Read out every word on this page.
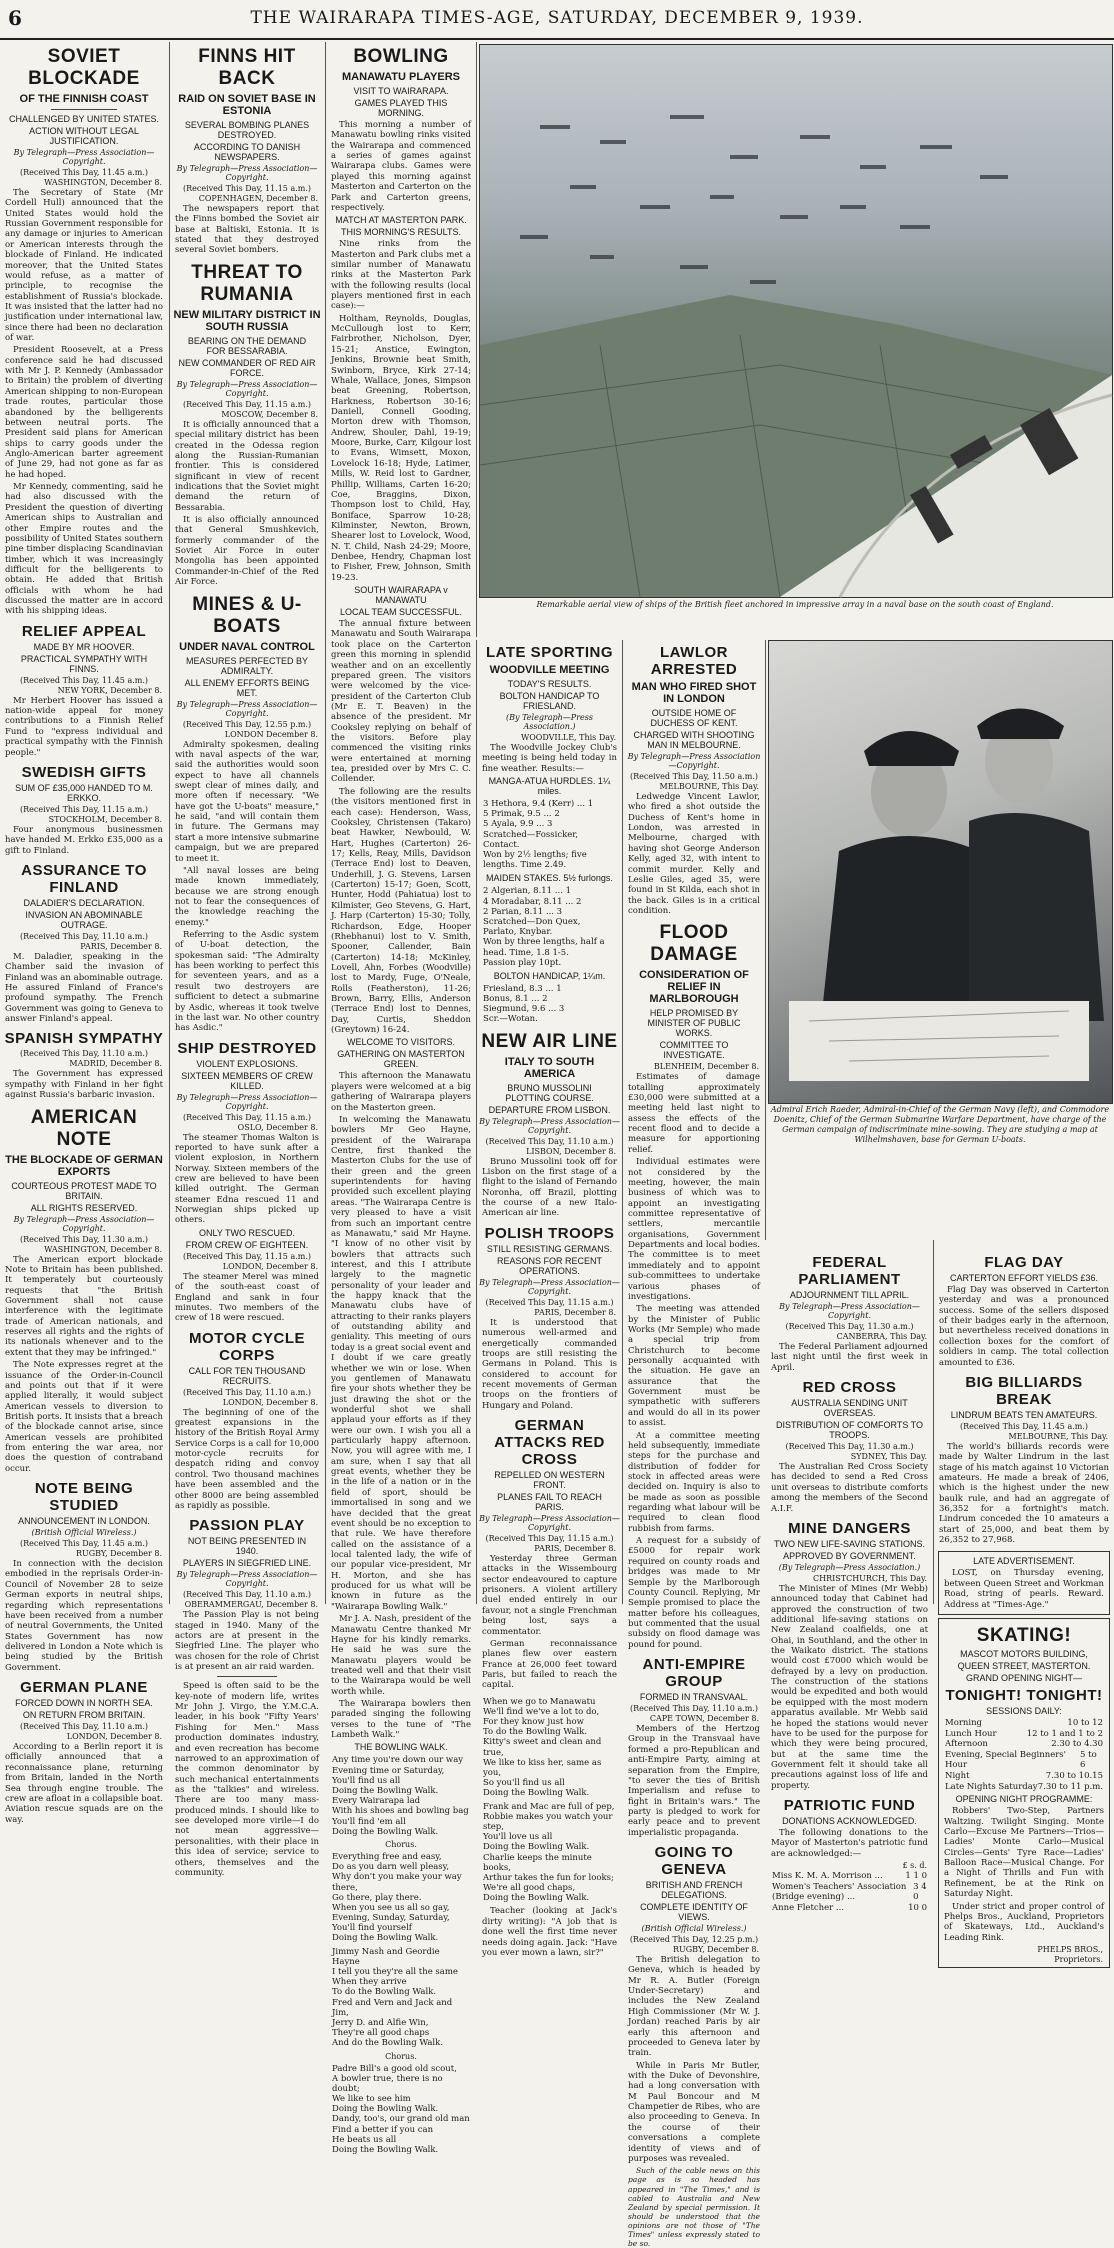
6	THE WAIRARAPA TIMES-AGE, SATURDAY, DECEMBER 9, 1939.
SOVIET BLOCKADE
OF THE FINNISH COAST
CHALLENGED BY UNITED STATES.
ACTION WITHOUT LEGAL JUSTIFICATION.
By Telegraph—Press Association—Copyright.
(Received This Day, 11.45 a.m.)
WASHINGTON, December 8.

The Secretary of State (Mr Cordell Hull) announced that the United States would hold the Russian Government responsible for any damage or injuries to American or American interests through the blockade of Finland. He indicated moreover, that the United States would refuse, as a matter of principle, to recognise the establishment of Russia's blockade. It was insisted that the latter had no justification under international law, since there had been no declaration of war.

President Roosevelt, at a Press conference said he had discussed with Mr J. P. Kennedy (Ambassador to Britain) the problem of diverting American shipping to non-European trade routes, particular those abandoned by the belligerents between neutral ports. The President said plans for American ships to carry goods under the Anglo-American barter agreement of June 29, had not gone as far as he had hoped.

Mr Kennedy, commenting, said he had also discussed with the President the question of diverting American ships to Australian and other Empire routes and the possibility of United States southern pine timber displacing Scandinavian timber, which it was increasingly difficult for the belligerents to obtain. He added that British officials with whom he had discussed the matter are in accord with his shipping ideas.

RELIEF APPEAL
MADE BY MR HOOVER.
PRACTICAL SYMPATHY WITH FINNS.
(Received This Day, 11.45 a.m.)
NEW YORK, December 8.

Mr Herbert Hoover has issued a nation-wide appeal for money contributions to a Finnish Relief Fund to "express individual and practical sympathy with the Finnish people."

SWEDISH GIFTS
SUM OF £35,000 HANDED TO M. ERKKO.
(Received This Day, 11.15 a.m.)
STOCKHOLM, December 8.

Four anonymous businessmen have handed M. Erkko £35,000 as a gift to Finland.

ASSURANCE TO FINLAND
DALADIER'S DECLARATION.
INVASION AN ABOMINABLE OUTRAGE.
(Received This Day, 11.10 a.m.)
PARIS, December 8.

M. Daladier, speaking in the Chamber said the invasion of Finland was an abominable outrage. He assured Finland of France's profound sympathy. The French Government was going to Geneva to answer Finland's appeal.

SPANISH SYMPATHY
(Received This Day, 11.10 a.m.)
MADRID, December 8.

The Government has expressed sympathy with Finland in her fight against Russia's barbaric invasion.

AMERICAN NOTE
THE BLOCKADE OF GERMAN EXPORTS
COURTEOUS PROTEST MADE TO BRITAIN.
ALL RIGHTS RESERVED.
By Telegraph—Press Association—Copyright.
(Received This Day, 11.30 a.m.)
WASHINGTON, December 8.

The American export blockade Note to Britain has been published. It temperately but courteously requests that "the British Government shall not cause interference with the legitimate trade of American nationals, and reserves all rights and the rights of its nationals whenever and to the extent that they may be infringed."

The Note expresses regret at the issuance of the Order-in-Council and points out that if it were applied literally, it would subject American vessels to diversion to British ports. It insists that a breach of the blockade cannot arise, since American vessels are prohibited from entering the war area, nor does the question of contraband occur.

NOTE BEING STUDIED
ANNOUNCEMENT IN LONDON.
(British Official Wireless.)
(Received This Day, 11.45 a.m.)
RUGBY, December 8.

In connection with the decision embodied in the reprisals Order-in-Council of November 28 to seize German exports in neutral ships, regarding which representations have been received from a number of neutral Governments, the United States Government has now delivered in London a Note which is being studied by the British Government.

GERMAN PLANE
FORCED DOWN IN NORTH SEA.
ON RETURN FROM BRITAIN.
(Received This Day, 11.10 a.m.)
LONDON, December 8.

According to a Berlin report it is officially announced that a reconnaissance plane, returning from Britain, landed in the North Sea through engine trouble. The crew are afloat in a collapsible boat. Aviation rescue squads are on the way.

FINNS HIT BACK
RAID ON SOVIET BASE IN ESTONIA
SEVERAL BOMBING PLANES DESTROYED.
ACCORDING TO DANISH NEWSPAPERS.
By Telegraph—Press Association—Copyright.
(Received This Day, 11.15 a.m.)
COPENHAGEN, December 8.

The newspapers report that the Finns bombed the Soviet air base at Baltiski, Estonia. It is stated that they destroyed several Soviet bombers.

THREAT TO RUMANIA
NEW MILITARY DISTRICT IN SOUTH RUSSIA
BEARING ON THE DEMAND FOR BESSARABIA.
NEW COMMANDER OF RED AIR FORCE.
By Telegraph—Press Association—Copyright.
(Received This Day, 11.15 a.m.)
MOSCOW, December 8.

It is officially announced that a special military district has been created in the Odessa region along the Russian-Rumanian frontier. This is considered significant in view of recent indications that the Soviet might demand the return of Bessarabia.

It is also officially announced that General Smushkevich, formerly commander of the Soviet Air Force in outer Mongolia has been appointed Commander-in-Chief of the Red Air Force.

MINES & U-BOATS
UNDER NAVAL CONTROL
MEASURES PERFECTED BY ADMIRALTY.
ALL ENEMY EFFORTS BEING MET.
By Telegraph—Press Association—Copyright.
(Received This Day, 12.55 p.m.)
LONDON December 8.

Admiralty spokesmen, dealing with naval aspects of the war, said the authorities would soon expect to have all channels swept clear of mines daily, and more often if necessary. "We have got the U-boats" measure," he said, "and will contain them in future. The Germans may start a more intensive submarine campaign, but we are prepared to meet it.

"All naval losses are being made known immediately, because we are strong enough not to fear the consequences of the knowledge reaching the enemy."

Referring to the Asdic system of U-boat detection, the spokesman said: "The Admiralty has been working to perfect this for seventeen years, and as a result two destroyers are sufficient to detect a submarine by Asdic, whereas it took twelve in the last war. No other country has Asdic."

SHIP DESTROYED
VIOLENT EXPLOSIONS.
SIXTEEN MEMBERS OF CREW KILLED.
By Telegraph—Press Association—Copyright.
(Received This Day, 11.15 a.m.)
OSLO, December 8.

The steamer Thomas Walton is reported to have sunk after a violent explosion, in Northern Norway. Sixteen members of the crew are believed to have been killed outright. The German steamer Edna rescued 11 and Norwegian ships picked up others.

ONLY TWO RESCUED.
FROM CREW OF EIGHTEEN.
(Received This Day, 11.15 a.m.)
LONDON, December 8.

The steamer Merel was mined of the south-east coast of England and sank in four minutes. Two members of the crew of 18 were rescued.

MOTOR CYCLE CORPS
CALL FOR TEN THOUSAND RECRUITS.
(Received This Day, 11.10 a.m.)
LONDON, December 8.

The beginning of one of the greatest expansions in the history of the British Royal Army Service Corps is a call for 10,000 motor-cycle recruits for despatch riding and convoy control. Two thousand machines have been assembled and the other 8000 are being assembled as rapidly as possible.

PASSION PLAY
NOT BEING PRESENTED IN 1940.
PLAYERS IN SIEGFRIED LINE.
By Telegraph—Press Association—Copyright.
(Received This Day, 11.10 a.m.)
OBERAMMERGAU, December 8.

The Passion Play is not being staged in 1940. Many of the actors are at present in the Siegfried Line. The player who was chosen for the role of Christ is at present an air raid warden.

Speed is often said to be the key-note of modern life, writes Mr John J. Virgo, the Y.M.C.A. leader, in his book "Fifty Years' Fishing for Men." Mass production dominates industry, and even recreation has become narrowed to an approximation of the common denominator by such mechanical entertainments as the "talkies" and wireless. There are too many mass-produced minds. I should like to see developed more virile—I do not mean aggressive—personalities, with their place in this idea of service; service to others, themselves and the community.

BOWLING
MANAWATU PLAYERS
VISIT TO WAIRARAPA.
GAMES PLAYED THIS MORNING.

This morning a number of Manawatu bowling rinks visited the Wairarapa and commenced a series of games against Wairarapa clubs. Games were played this morning against Masterton and Carterton on the Park and Carterton greens, respectively.

MATCH AT MASTERTON PARK.
THIS MORNING'S RESULTS.

Nine rinks from the Masterton and Park clubs met a similar number of Manawatu rinks at the Masterton Park with the following results (local players mentioned first in each case):—

Holtham, Reynolds, Douglas, McCullough lost to Kerr, Fairbrother, Nicholson, Dyer, 15-21; Anstice, Ewington, Jenkins, Brownie beat Smith, Swinborn, Bryce, Kirk 27-14; Whale, Wallace, Jones, Simpson beat Greening, Robertson, Harkness, Robertson 30-16; Daniell, Connell Gooding, Morton drew with Thomson, Andrew, Shouler, Dahl, 19-19; Moore, Burke, Carr, Kilgour lost to Evans, Wimsett, Moxon, Lovelock 16-18; Hyde, Latimer, Mills, W. Reid lost to Gardner, Phillip, Williams, Carten 16-20; Coe, Braggins, Dixon, Thompson lost to Child, Hay, Boniface, Sparrow 10-28; Kilminster, Newton, Brown, Shearer lost to Lovelock, Wood, N. T. Child, Nash 24-29; Moore, Denbee, Hendry, Chapman lost to Fisher, Frew, Johnson, Smith 19-23.

SOUTH WAIRARAPA v MANAWATU
LOCAL TEAM SUCCESSFUL.

The annual fixture between Manawatu and South Wairarapa took place on the Carterton green this morning in splendid weather and on an excellently prepared green. The visitors were welcomed by the vice-president of the Carterton Club (Mr E. T. Beaven) in the absence of the president. Mr Cooksley replying on behalf of the visitors. Before play commenced the visiting rinks were entertained at morning tea, presided over by Mrs C. C. Collender.

The following are the results (the visitors mentioned first in each case): Henderson, Wass, Cooksley, Christensen (Takaro) beat Hawker, Newbould, W. Hart, Hughes (Carterton) 26-17; Kells, Reay, Mills, Davidson (Terrace End) lost to Deaven, Underhill, J. G. Stevens, Larsen (Carterton) 15-17; Goen, Scott, Hunter, Hodd (Pahiatua) lost to Kilmister, Geo Stevens, G. Hart, J. Harp (Carterton) 15-30; Tolly, Richardson, Edge, Hooper (Rhebhanui) lost to V. Smith, Spooner, Callender, Bain (Carterton) 14-18; McKinley, Lovell, Ahn, Forbes (Woodville) lost to Mardy, Fuge, O'Neale, Rolls (Featherston), 11-26; Brown, Barry, Ellis, Anderson (Terrace End) lost to Dennes, Day, Curtis, Sheddon (Greytown) 16-24.

WELCOME TO VISITORS.
GATHERING ON MASTERTON GREEN.

This afternoon the Manawatu players were welcomed at a big gathering of Wairarapa players on the Masterton green.

In welcoming the Manawatu bowlers Mr Geo Hayne, president of the Wairarapa Centre, first thanked the Masterton Clubs for the use of their green and the green superintendents for having provided such excellent playing areas. "The Wairarapa Centre is very pleased to have a visit from such an important centre as Manawatu," said Mr Hayne. "I know of no other visit by bowlers that attracts such interest, and this I attribute largely to the magnetic personality of your leader and the happy knack that the Manawatu clubs have of attracting to their ranks players of outstanding ability and geniality. This meeting of ours today is a great social event and I doubt if we care greatly whether we win or lose. When you gentlemen of Manawatu fire your shots whether they be just drawing the shot or the wonderful shot we shall applaud your efforts as if they were our own. I wish you all a particularly happy afternoon. Now, you will agree with me, I am sure, when I say that all great events, whether they be in the life of a nation or in the field of sport, should be immortalised in song and we have decided that the great event should be no exception to that rule. We have therefore called on the assistance of a local talented lady, the wife of our popular vice-president, Mr H. Morton, and she has produced for us what will be known in future as the "Wairarapa Bowling Walk."

Mr J. A. Nash, president of the Manawatu Centre thanked Mr Hayne for his kindly remarks. He said he was sure the Manawatu players would be treated well and that their visit to the Wairarapa would be well worth while.

The Wairarapa bowlers then paraded singing the following verses to the tune of "The Lambeth Walk."

THE BOWLING WALK.
Any time you're down our way
Evening time or Saturday,
You'll find us all
Doing the Bowling Walk.
Every Wairarapa lad
With his shoes and bowling bag
You'll find 'em all
Doing the Bowling Walk.
Chorus.
Everything free and easy,
Do as you darn well pleasy,
Why don't you make your way there,
Go there, play there.
When you see us all so gay,
Evening, Sunday, Saturday,
You'll find yourself
Doing the Bowling Walk.
Jimmy Nash and Geordie Hayne
I tell you they're all the same
When they arrive
To do the Bowling Walk.
Fred and Vern and Jack and Jim,
Jerry D. and Alfie Win,
They're all good chaps
And do the Bowling Walk.
Chorus.
Padre Bill's a good old scout,
A bowler true, there is no doubt;
We like to see him
Doing the Bowling Walk.
Dandy, too's, our grand old man
Find a better if you can
He beats us all
Doing the Bowling Walk.
Remarkable aerial view of ships of the British fleet anchored in impressive array in a naval base on the south coast of England.
Admiral Erich Raeder, Admiral-in-Chief of the German Navy (left), and Commodore Doenitz, Chief of the German Submarine Warfare Department, have charge of the German campaign of indiscriminate mine-sowing. They are studying a map at Wilhelmshaven, base for German U-boats.
LATE SPORTING
WOODVILLE MEETING
TODAY'S RESULTS.
BOLTON HANDICAP TO FRIESLAND.
(By Telegraph—Press Association.)
WOODVILLE, This Day.

The Woodville Jockey Club's meeting is being held today in fine weather. Results:—

MANGA-ATUA HURDLES. 1¼ miles.
3 Hethora, 9.4 (Kerr) ... 1
5 Primak, 9.5 ... 2
5 Ayala, 9.9 ... 3
Scratched—Fossicker, Contact.
Won by 2½ lengths; five lengths. Time 2.49.
MAIDEN STAKES. 5½ furlongs.
2 Algerian, 8.11 ... 1
4 Moradabar, 8.11 ... 2
2 Parian, 8.11 ... 3
Scratched—Don Quex, Parlato, Knybar.
Won by three lengths, half a head. Time, 1.8 1-5.
Passion play 10pt.
BOLTON HANDICAP, 1¼m.
Friesland, 8.3 ... 1
Bonus, 8.1 ... 2
Siegmund, 9.6 ... 3
Scr.—Wotan.
NEW AIR LINE
ITALY TO SOUTH AMERICA
BRUNO MUSSOLINI PLOTTING COURSE.
DEPARTURE FROM LISBON.
By Telegraph—Press Association—Copyright.
(Received This Day, 11.10 a.m.)
LISBON, December 8.

Bruno Mussolini took off for Lisbon on the first stage of a flight to the island of Fernando Noronha, off Brazil, plotting the course of a new Italo-American air line.

POLISH TROOPS
STILL RESISTING GERMANS.
REASONS FOR RECENT OPERATIONS.
By Telegraph—Press Association—Copyright.
(Received This Day, 11.15 a.m.)
PARIS, December 8.

It is understood that numerous well-armed and energetically commanded troops are still resisting the Germans in Poland. This is considered to account for recent movements of German troops on the frontiers of Hungary and Poland.

GERMAN ATTACKS RED CROSS
REPELLED ON WESTERN FRONT.
PLANES FAIL TO REACH PARIS.
By Telegraph—Press Association—Copyright.
(Received This Day, 11.15 a.m.)
PARIS, December 8.

Yesterday three German attacks in the Wissembourg sector endeavoured to capture prisoners. A violent artillery duel ended entirely in our favour, not a single Frenchman being lost, says a commentator.

German reconnaissance planes flew over eastern France at 26,000 feet toward Paris, but failed to reach the capital.

When we go to Manawatu
We'll find we've a lot to do,
For they know just how
To do the Bowling Walk.
Kitty's sweet and clean and true,
We like to kiss her, same as you,
So you'll find us all
Doing the Bowling Walk.
Frank and Mac are full of pep,
Robbie makes you watch your step,
You'll love us all
Doing the Bowling Walk.
Charlie keeps the minute books,
Arthur takes the fun for looks;
We're all good chaps,
Doing the Bowling Walk.

Teacher (looking at Jack's dirty writing): "A job that is done well the first time never needs doing again. Jack: "Have you ever mown a lawn, sir?"

LAWLOR ARRESTED
MAN WHO FIRED SHOT IN LONDON
OUTSIDE HOME OF DUCHESS OF KENT.
CHARGED WITH SHOOTING MAN IN MELBOURNE.
By Telegraph—Press Association—Copyright.
(Received This Day, 11.50 a.m.)
MELBOURNE, This Day.

Ledwedge Vincent Lawlor, who fired a shot outside the Duchess of Kent's home in London, was arrested in Melbourne, charged with having shot George Anderson Kelly, aged 32, with intent to commit murder. Kelly and Leslie Giles, aged 35, were found in St Kilda, each shot in the back. Giles is in a critical condition.

FLOOD DAMAGE
CONSIDERATION OF RELIEF IN MARLBOROUGH
HELP PROMISED BY MINISTER OF PUBLIC WORKS.
COMMITTEE TO INVESTIGATE.
BLENHEIM, December 8.

Estimates of damage totalling approximately £30,000 were submitted at a meeting held last night to assess the effects of the recent flood and to decide a measure for apportioning relief.

Individual estimates were not considered by the meeting, however, the main business of which was to appoint an investigating committee representative of settlers, mercantile organisations, Government Departments and local bodies. The committee is to meet immediately and to appoint sub-committees to undertake various phases of investigations.

The meeting was attended by the Minister of Public Works (Mr Semple) who made a special trip from Christchurch to become personally acquainted with the situation. He gave an assurance that the Government must be sympathetic with sufferers and would do all in its power to assist.

At a committee meeting held subsequently, immediate steps for the purchase and distribution of fodder for stock in affected areas were decided on. Inquiry is also to be made as soon as possible regarding what labour will be required to clean flood rubbish from farms.

A request for a subsidy of £5000 for repair work required on county roads and bridges was made to Mr Semple by the Marlborough County Council. Replying, Mr Semple promised to place the matter before his colleagues, but commented that the usual subsidy on flood damage was pound for pound.

ANTI-EMPIRE GROUP
FORMED IN TRANSVAAL.
(Received This Day, 11.10 a.m.)
CAPE TOWN, December 8.

Members of the Hertzog Group in the Transvaal have formed a pro-Republican and anti-Empire Party, aiming at separation from the Empire, "to sever the ties of British Imperialism and refuse to fight in Britain's wars." The party is pledged to work for early peace and to prevent imperialistic propaganda.

GOING TO GENEVA
BRITISH AND FRENCH DELEGATIONS.
COMPLETE IDENTITY OF VIEWS.
(British Official Wireless.)
(Received This Day, 12.25 p.m.)
RUGBY, December 8.

The British delegation to Geneva, which is headed by Mr R. A. Butler (Foreign Under-Secretary) and includes the New Zealand High Commissioner (Mr W. J. Jordan) reached Paris by air early this afternoon and proceeded to Geneva later by train.

While in Paris Mr Butler, with the Duke of Devonshire, had a long conversation with M Paul Boncour and M Champetier de Ribes, who are also proceeding to Geneva. In the course of their conversations a complete identity of views and of purposes was revealed.

Such of the cable news on this page as is so headed has appeared in "The Times," and is cabled to Australia and New Zealand by special permission. It should be understood that the opinions are not those of "The Times" unless expressly stated to be so.

FEDERAL PARLIAMENT
ADJOURNMENT TILL APRIL.
By Telegraph—Press Association—Copyright.
(Received This Day, 11.30 a.m.)
CANBERRA, This Day.

The Federal Parliament adjourned last night until the first week in April.

RED CROSS
AUSTRALIA SENDING UNIT OVERSEAS.
DISTRIBUTION OF COMFORTS TO TROOPS.
(Received This Day, 11.30 a.m.)
SYDNEY, This Day.

The Australian Red Cross Society has decided to send a Red Cross unit overseas to distribute comforts among the members of the Second A.I.F.

MINE DANGERS
TWO NEW LIFE-SAVING STATIONS.
APPROVED BY GOVERNMENT.
(By Telegraph—Press Association.)
CHRISTCHURCH, This Day.

The Minister of Mines (Mr Webb) announced today that Cabinet had approved the construction of two additional life-saving stations on New Zealand coalfields, one at Ohai, in Southland, and the other in the Waikato district. The stations would cost £7000 which would be defrayed by a levy on production. The construction of the stations would be expedited and both would be equipped with the most modern apparatus available. Mr Webb said he hoped the stations would never have to be used for the purpose for which they were being procured, but at the same time the Government felt it should take all precautions against loss of life and property.

PATRIOTIC FUND
DONATIONS ACKNOWLEDGED.

The following donations to the Mayor of Masterton's patriotic fund are acknowledged:—

£ s. d.
Miss K. M. A. Morrison ...	1 1 0
Women's Teachers' Association (Bridge evening) ...
3 4 0
Anne Fletcher ...	10 0
FLAG DAY
CARTERTON EFFORT YIELDS £36.

Flag Day was observed in Carterton yesterday and was a pronounced success. Some of the sellers disposed of their badges early in the afternoon, but nevertheless received donations in collection boxes for the comfort of soldiers in camp. The total collection amounted to £36.

BIG BILLIARDS BREAK
LINDRUM BEATS TEN AMATEURS.
(Received This Day, 11.45 a.m.)
MELBOURNE, This Day.

The world's billiards records were made by Walter Lindrum in the last stage of his match against 10 Victorian amateurs. He made a break of 2406, which is the highest under the new baulk rule, and had an aggregate of 36,352 for a fortnight's match. Lindrum conceded the 10 amateurs a start of 25,000, and beat them by 26,352 to 27,968.

LATE ADVERTISEMENT.

LOST, on Thursday evening, between Queen Street and Workman Road, string of pearls. Reward. Address at "Times-Age."

SKATING!
MASCOT MOTORS BUILDING,
QUEEN STREET, MASTERTON.
GRAND OPENING NIGHT—
TONIGHT! TONIGHT!
SESSIONS DAILY:
Morning	10 to 12
Lunch Hour	12 to 1 and 1 to 2
Afternoon	2.30 to 4.30
Evening, Special Beginners' Hour
5 to 6
Night	7.30 to 10.15
Late Nights Saturday 7.30 to 11 p.m.
OPENING NIGHT PROGRAMME:

Robbers' Two-Step, Partners Waltzing. Twilight Singing. Monte Carlo—Excuse Me Partners—Trios—Ladies' Monte Carlo—Musical Circles—Gents' Tyre Race—Ladies' Balloon Race—Musical Change. For a Night of Thrills and Fun with Refinement, be at the Rink on Saturday Night.

Under strict and proper control of Phelps Bros., Auckland, Proprietors of Skateways, Ltd., Auckland's Leading Rink.

PHELPS BROS.,
Proprietors.
